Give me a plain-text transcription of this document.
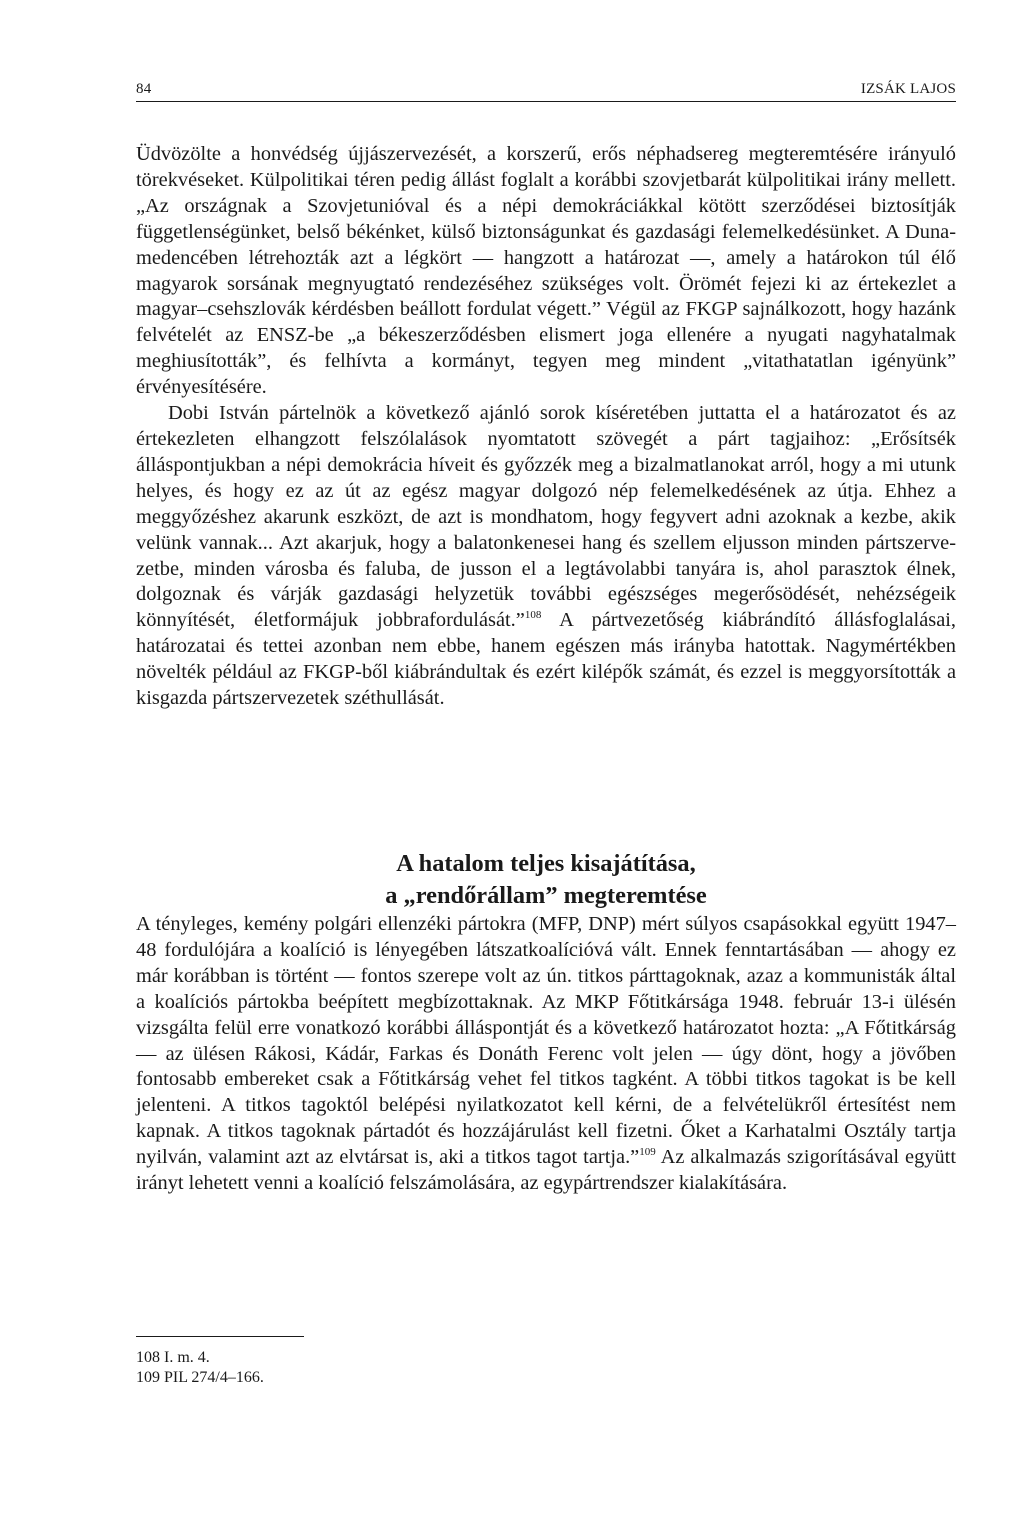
84	IZSÁK LAJOS

Üdvözölte a honvédség újjászervezését, a korszerű, erős néphadsereg megteremtésére irányuló törekvéseket. Külpolitikai téren pedig állást foglalt a korábbi szovjetbarát külpolitikai irány mellett. „Az országnak a Szovjetunióval és a népi demokráciákkal kötött szerződései biztosítják függetlenségünket, belső békénket, külső biztonságunkat és gazdasági felemelkedésünket. A Duna-medencében létrehozták azt a légkört — hangzott a határozat —, amely a határokon túl élő magyarok sorsának megnyugtató rendezéséhez szükséges volt. Örömét fejezi ki az értekezlet a magyar–csehszlovák kérdésben beállott fordulat végett.” Végül az FKGP sajnálkozott, hogy hazánk felvételét az ENSZ-be „a békeszerződésben elismert joga ellenére a nyugati nagyhatalmak meghiusították”, és felhívta a kormányt, tegyen meg mindent „vitathatatlan igényünk” érvényesítésére.

Dobi István pártelnök a következő ajánló sorok kíséretében juttatta el a határozatot és az értekezleten elhangzott felszólalások nyomtatott szövegét a párt tagjaihoz: „Erősítsék álláspontjukban a népi demokrácia híveit és győzzék meg a bizalmatlanokat arról, hogy a mi utunk helyes, és hogy ez az út az egész magyar dolgozó nép felemelkedésének az útja. Ehhez a meggyőzéshez akarunk eszközt, de azt is mondhatom, hogy fegyvert adni azoknak a kezbe, akik velünk vannak... Azt akarjuk, hogy a balatonkenesei hang és szellem eljusson minden pártszervezetbe, minden városba és faluba, de jusson el a legtávolabbi tanyára is, ahol parasztok élnek, dolgoznak és várják gazdasági helyzetük további egészséges megerősödését, nehézségeik könnyítését, életformájuk jobbrafordulását.”$^{108}$ A pártvezetőség kiábrándító állásfoglalásai, határozatai és tettei azonban nem ebbe, hanem egészen más irányba hatottak. Nagymértékben növelték például az FKGP-ből kiábrándultak és ezért kilépők számát, és ezzel is meggyorsították a kisgazda pártszervezetek széthullását.

A hatalom teljes kisajátítása,
a „rendőrállam” megteremtése

A tényleges, kemény polgári ellenzéki pártokra (MFP, DNP) mért súlyos csapásokkal együtt 1947–48 fordulójára a koalíció is lényegében látszatkoalícióvá vált. Ennek fenntartásában — ahogy ez már korábban is történt — fontos szerepe volt az ún. titkos párttagoknak, azaz a kommunisták által a koalíciós pártokba beépített megbízottaknak. Az MKP Főtitkársága 1948. február 13-i ülésén vizsgálta felül erre vonatkozó korábbi álláspontját és a következő határozatot hozta: „A Főtitkárság — az ülésen Rákosi, Kádár, Farkas és Donáth Ferenc volt jelen — úgy dönt, hogy a jövőben fontosabb embereket csak a Főtitkárság vehet fel titkos tagként. A többi titkos tagokat is be kell jelenteni. A titkos tagoktól belépési nyilatkozatot kell kérni, de a felvételükről értesítést nem kapnak. A titkos tagoknak pártadót és hozzájárulást kell fizetni. Őket a Karhatalmi Osztály tartja nyilván, valamint azt az elvtársat is, aki a titkos tagot tartja.”$^{109}$ Az alkalmazás szigorításával együtt irányt lehetett venni a koalíció felszámolására, az egypártrendszer kialakítására.

108 I. m. 4.
109 PIL 274/4–166.
